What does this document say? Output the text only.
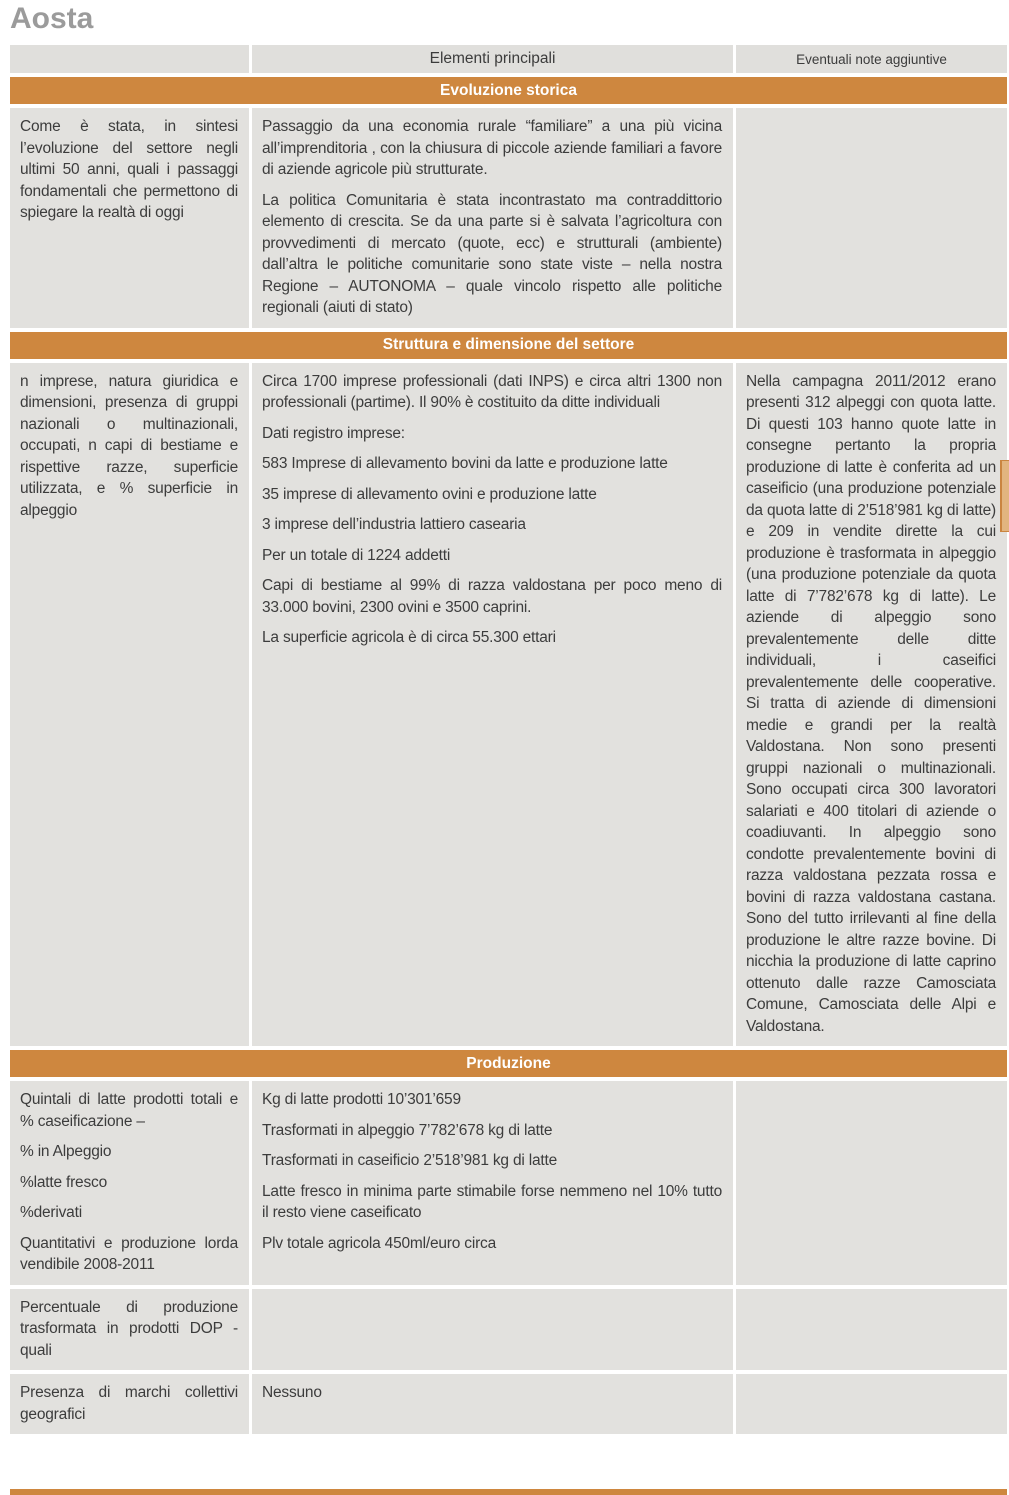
Aosta
Elementi principali	Eventuali note aggiuntive
Evoluzione storica

Come è stata, in sintesi l’evoluzione del settore negli ultimi 50 anni, quali i passaggi fondamentali che permettono di spiegare la realtà di oggi

Passaggio da una economia rurale “familiare” a una più vicina all’imprenditoria , con la chiusura di piccole aziende familiari a favore di aziende agricole più strutturate.

La politica Comunitaria è stata incontrastato ma contraddittorio elemento di crescita. Se da una parte si è salvata l’agricoltura con provvedimenti di mercato (quote, ecc) e strutturali (ambiente) dall’altra le politiche comunitarie sono state viste – nella nostra Regione – AUTONOMA – quale vincolo rispetto alle politiche regionali (aiuti di stato)

Struttura e dimensione del settore

n imprese, natura giuridica e dimensioni, presenza di gruppi nazionali o multinazionali, occupati, n capi di bestiame e rispettive razze, superficie utilizzata, e % superficie in alpeggio

Circa 1700 imprese professionali (dati INPS) e circa altri 1300 non professionali (partime). Il 90% è costituito da ditte individuali

Dati registro imprese:

583 Imprese di allevamento bovini da latte e produzione latte

35 imprese di allevamento ovini e produzione latte

3 imprese dell’industria lattiero casearia

Per un totale di 1224 addetti

Capi di bestiame al 99% di razza valdostana per poco meno di 33.000 bovini, 2300 ovini e 3500 caprini.

La superficie agricola è di circa 55.300 ettari

Nella campagna 2011/2012 erano presenti 312 alpeggi con quota latte. Di questi 103 hanno quote latte in consegne pertanto la propria produzione di latte è conferita ad un caseificio (una produzione potenziale da quota latte di 2’518’981 kg di latte) e 209 in vendite dirette la cui produzione è trasformata in alpeggio (una produzione potenziale da quota latte di 7’782’678 kg di latte). Le aziende di alpeggio sono prevalentemente delle ditte individuali, i caseifici prevalentemente delle cooperative. Si tratta di aziende di dimensioni medie e grandi per la realtà Valdostana. Non sono presenti gruppi nazionali o multinazionali. Sono occupati circa 300 lavoratori salariati e 400 titolari di aziende o coadiuvanti. In alpeggio sono condotte prevalentemente bovini di razza valdostana pezzata rossa e bovini di razza valdostana castana. Sono del tutto irrilevanti al fine della produzione le altre razze bovine. Di nicchia la produzione di latte caprino ottenuto dalle razze Camosciata Comune, Camosciata delle Alpi e Valdostana.

Produzione

Quintali di latte prodotti totali e % caseificazione –

% in Alpeggio

%latte fresco

%derivati

Quantitativi e produzione lorda vendibile 2008-2011

Kg di latte prodotti 10’301’659

Trasformati in alpeggio 7’782’678 kg di latte

Trasformati in caseificio 2’518’981 kg di latte

Latte fresco in minima parte stimabile forse nemmeno nel 10% tutto il resto viene caseificato

Plv totale agricola 450ml/euro circa

Percentuale di produzione trasformata in prodotti DOP - quali

Presenza di marchi collettivi geografici

Nessuno
